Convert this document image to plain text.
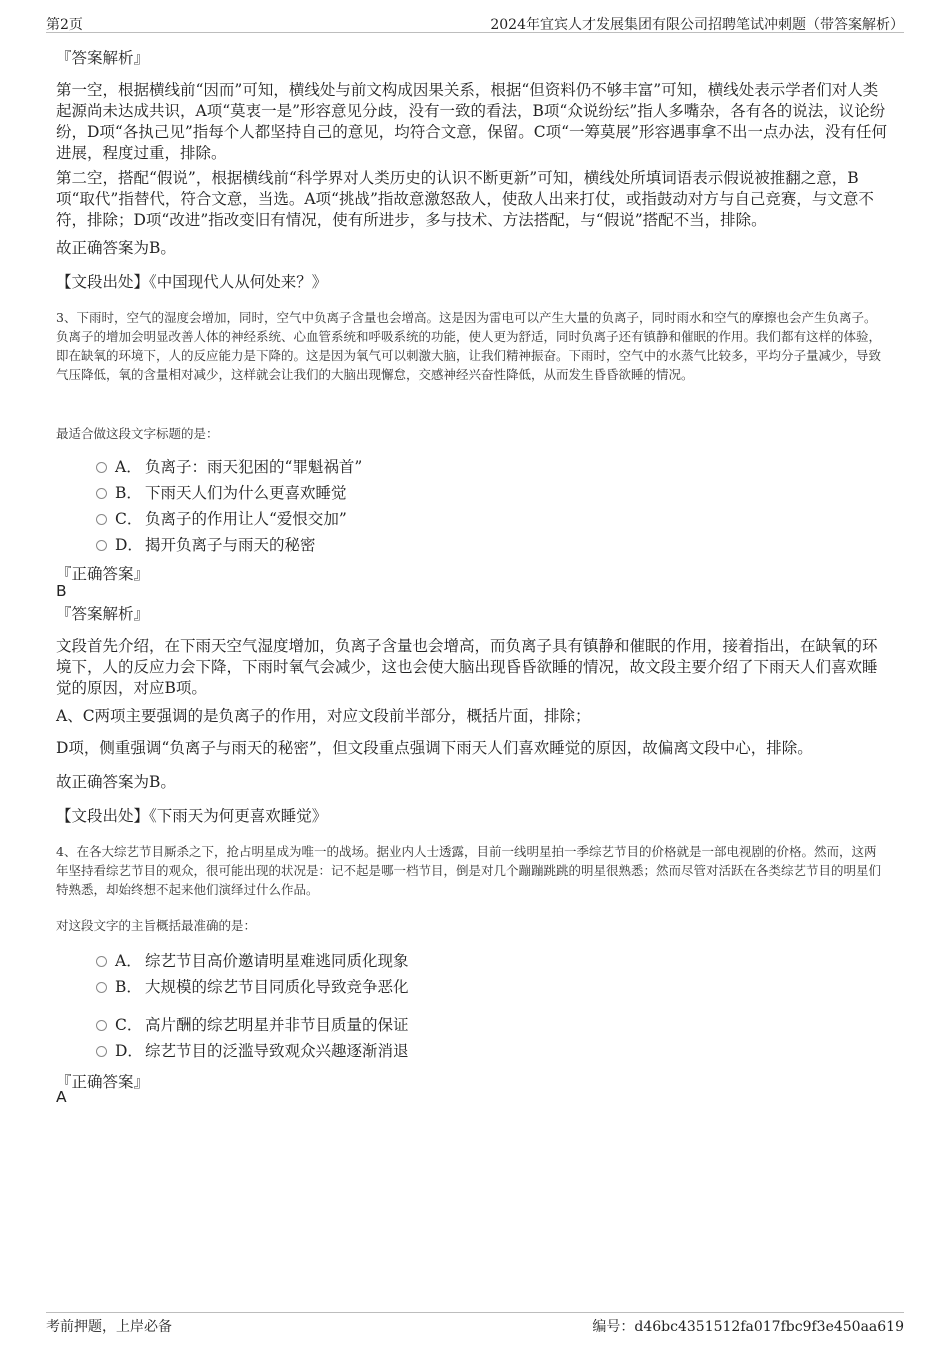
第2页	2024年宜宾人才发展集团有限公司招聘笔试冲刺题（带答案解析）
『答案解析』
第一空，根据横线前“因而”可知，横线处与前文构成因果关系，根据“但资料仍不够丰富”可知，横线处表示学者们对人类起源尚未达成共识，A项“莫衷一是”形容意见分歧，没有一致的看法，B项“众说纷纭”指人多嘴杂，各有各的说法，议论纷纷，D项“各执己见”指每个人都坚持自己的意见，均符合文意，保留。C项“一筹莫展”形容遇事拿不出一点办法，没有任何进展，程度过重，排除。
第二空，搭配“假说”，根据横线前“科学界对人类历史的认识不断更新”可知，横线处所填词语表示假说被推翻之意，B项“取代”指替代，符合文意，当选。A项“挑战”指故意激怒敌人，使敌人出来打仗，或指鼓动对方与自己竞赛，与文意不符，排除；D项“改进”指改变旧有情况，使有所进步，多与技术、方法搭配，与“假说”搭配不当，排除。
故正确答案为B。
【文段出处】《中国现代人从何处来？》
3、下雨时，空气的湿度会增加，同时，空气中负离子含量也会增高。这是因为雷电可以产生大量的负离子，同时雨水和空气的摩擦也会产生负离子。负离子的增加会明显改善人体的神经系统、心血管系统和呼吸系统的功能，使人更为舒适，同时负离子还有镇静和催眠的作用。我们都有这样的体验，即在缺氧的环境下，人的反应能力是下降的。这是因为氧气可以刺激大脑，让我们精神振奋。下雨时，空气中的水蒸气比较多，平均分子量减少，导致气压降低，氧的含量相对减少，这样就会让我们的大脑出现懈怠，交感神经兴奋性降低，从而发生昏昏欲睡的情况。
最适合做这段文字标题的是：
A． 负离子：雨天犯困的“罪魁祸首”
B． 下雨天人们为什么更喜欢睡觉
C． 负离子的作用让人“爱恨交加”
D． 揭开负离子与雨天的秘密
『正确答案』
B
『答案解析』
文段首先介绍，在下雨天空气湿度增加，负离子含量也会增高，而负离子具有镇静和催眠的作用，接着指出，在缺氧的环境下，人的反应力会下降，下雨时氧气会减少，这也会使大脑出现昏昏欲睡的情况，故文段主要介绍了下雨天人们喜欢睡觉的原因，对应B项。
A、C两项主要强调的是负离子的作用，对应文段前半部分，概括片面，排除；
D项，侧重强调“负离子与雨天的秘密”，但文段重点强调下雨天人们喜欢睡觉的原因，故偏离文段中心，排除。
故正确答案为B。
【文段出处】《下雨天为何更喜欢睡觉》
4、在各大综艺节目厮杀之下，抢占明星成为唯一的战场。据业内人士透露，目前一线明星拍一季综艺节目的价格就是一部电视剧的价格。然而，这两年坚持看综艺节目的观众，很可能出现的状况是：记不起是哪一档节目，倒是对几个蹦蹦跳跳的明星很熟悉；然而尽管对活跃在各类综艺节目的明星们特熟悉，却始终想不起来他们演绎过什么作品。
对这段文字的主旨概括最准确的是：
A． 综艺节目高价邀请明星难逃同质化现象
B． 大规模的综艺节目同质化导致竞争恶化
C． 高片酬的综艺明星并非节目质量的保证
D． 综艺节目的泛滥导致观众兴趣逐渐消退
『正确答案』
A
考前押题，上岸必备	编号：d46bc4351512fa017fbc9f3e450aa619
